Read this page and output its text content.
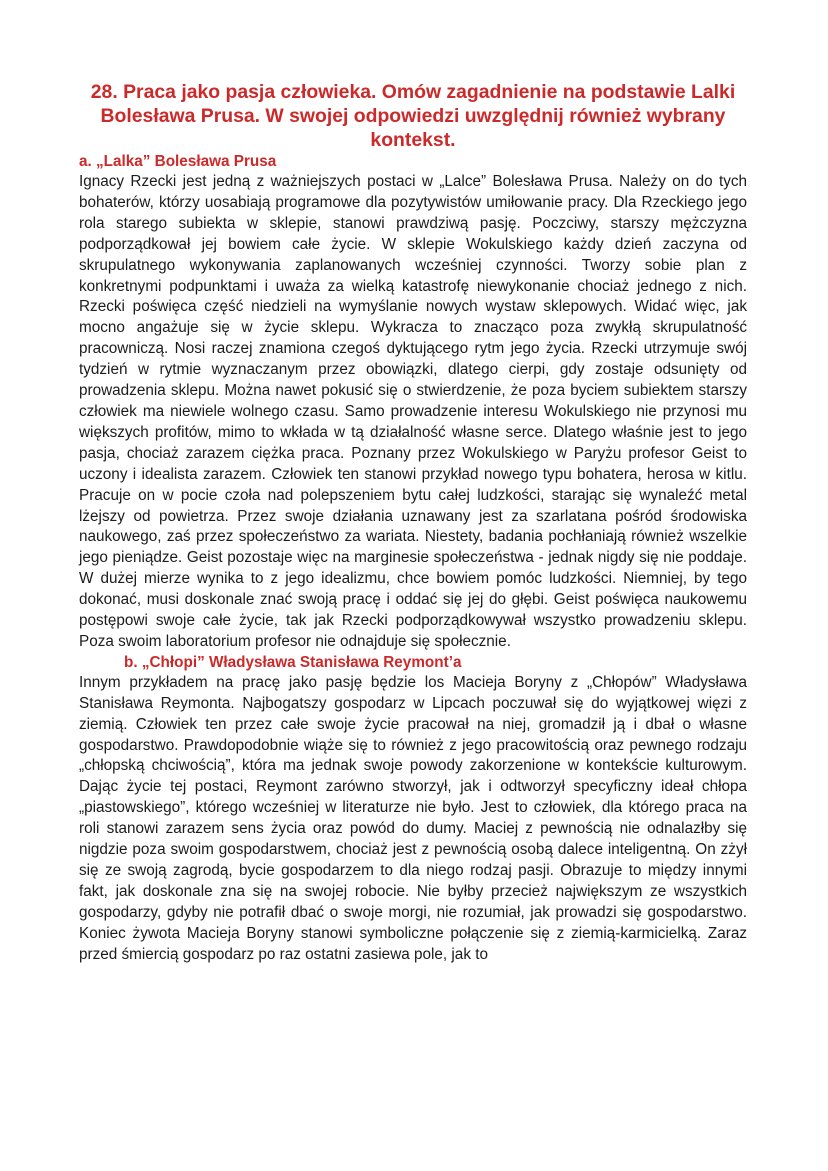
28. Praca jako pasja człowieka. Omów zagadnienie na podstawie Lalki Bolesława Prusa. W swojej odpowiedzi uwzględnij również wybrany kontekst.
a. „Lalka” Bolesława Prusa

Ignacy Rzecki jest jedną z ważniejszych postaci w „Lalce” Bolesława Prusa. Należy on do tych bohaterów, którzy uosabiają programowe dla pozytywistów umiłowanie pracy. Dla Rzeckiego jego rola starego subiekta w sklepie, stanowi prawdziwą pasję. Poczciwy, starszy mężczyzna podporządkował jej bowiem całe życie. W sklepie Wokulskiego każdy dzień zaczyna od skrupulatnego wykonywania zaplanowanych wcześniej czynności. Tworzy sobie plan z konkretnymi podpunktami i uważa za wielką katastrofę niewykonanie chociaż jednego z nich. Rzecki poświęca część niedzieli na wymyślanie nowych wystaw sklepowych. Widać więc, jak mocno angażuje się w życie sklepu. Wykracza to znacząco poza zwykłą skrupulatność pracowniczą. Nosi raczej znamiona czegoś dyktującego rytm jego życia. Rzecki utrzymuje swój tydzień w rytmie wyznaczanym przez obowiązki, dlatego cierpi, gdy zostaje odsunięty od prowadzenia sklepu. Można nawet pokusić się o stwierdzenie, że poza byciem subiektem starszy człowiek ma niewiele wolnego czasu. Samo prowadzenie interesu Wokulskiego nie przynosi mu większych profitów, mimo to wkłada w tą działalność własne serce. Dlatego właśnie jest to jego pasja, chociaż zarazem ciężka praca. Poznany przez Wokulskiego w Paryżu profesor Geist to uczony i idealista zarazem. Człowiek ten stanowi przykład nowego typu bohatera, herosa w kitlu. Pracuje on w pocie czoła nad polepszeniem bytu całej ludzkości, starając się wynaleźć metal lżejszy od powietrza. Przez swoje działania uznawany jest za szarlatana pośród środowiska naukowego, zaś przez społeczeństwo za wariata. Niestety, badania pochłaniają również wszelkie jego pieniądze. Geist pozostaje więc na marginesie społeczeństwa - jednak nigdy się nie poddaje. W dużej mierze wynika to z jego idealizmu, chce bowiem pomóc ludzkości. Niemniej, by tego dokonać, musi doskonale znać swoją pracę i oddać się jej do głębi. Geist poświęca naukowemu postępowi swoje całe życie, tak jak Rzecki podporządkowywał wszystko prowadzeniu sklepu. Poza swoim laboratorium profesor nie odnajduje się społecznie.

b. „Chłopi” Władysława Stanisława Reymont’a

Innym przykładem na pracę jako pasję będzie los Macieja Boryny z „Chłopów” Władysława Stanisława Reymonta. Najbogatszy gospodarz w Lipcach poczuwał się do wyjątkowej więzi z ziemią. Człowiek ten przez całe swoje życie pracował na niej, gromadził ją i dbał o własne gospodarstwo. Prawdopodobnie wiąże się to również z jego pracowitością oraz pewnego rodzaju „chłopską chciwością”, która ma jednak swoje powody zakorzenione w kontekście kulturowym. Dając życie tej postaci, Reymont zarówno stworzył, jak i odtworzył specyficzny ideał chłopa „piastowskiego”, którego wcześniej w literaturze nie było. Jest to człowiek, dla którego praca na roli stanowi zarazem sens życia oraz powód do dumy. Maciej z pewnością nie odnalazłby się nigdzie poza swoim gospodarstwem, chociaż jest z pewnością osobą dalece inteligentną. On zżył się ze swoją zagrodą, bycie gospodarzem to dla niego rodzaj pasji. Obrazuje to między innymi fakt, jak doskonale zna się na swojej robocie. Nie byłby przecież największym ze wszystkich gospodarzy, gdyby nie potrafił dbać o swoje morgi, nie rozumiał, jak prowadzi się gospodarstwo. Koniec żywota Macieja Boryny stanowi symboliczne połączenie się z ziemią-karmicielką. Zaraz przed śmiercią gospodarz po raz ostatni zasiewa pole, jak to
